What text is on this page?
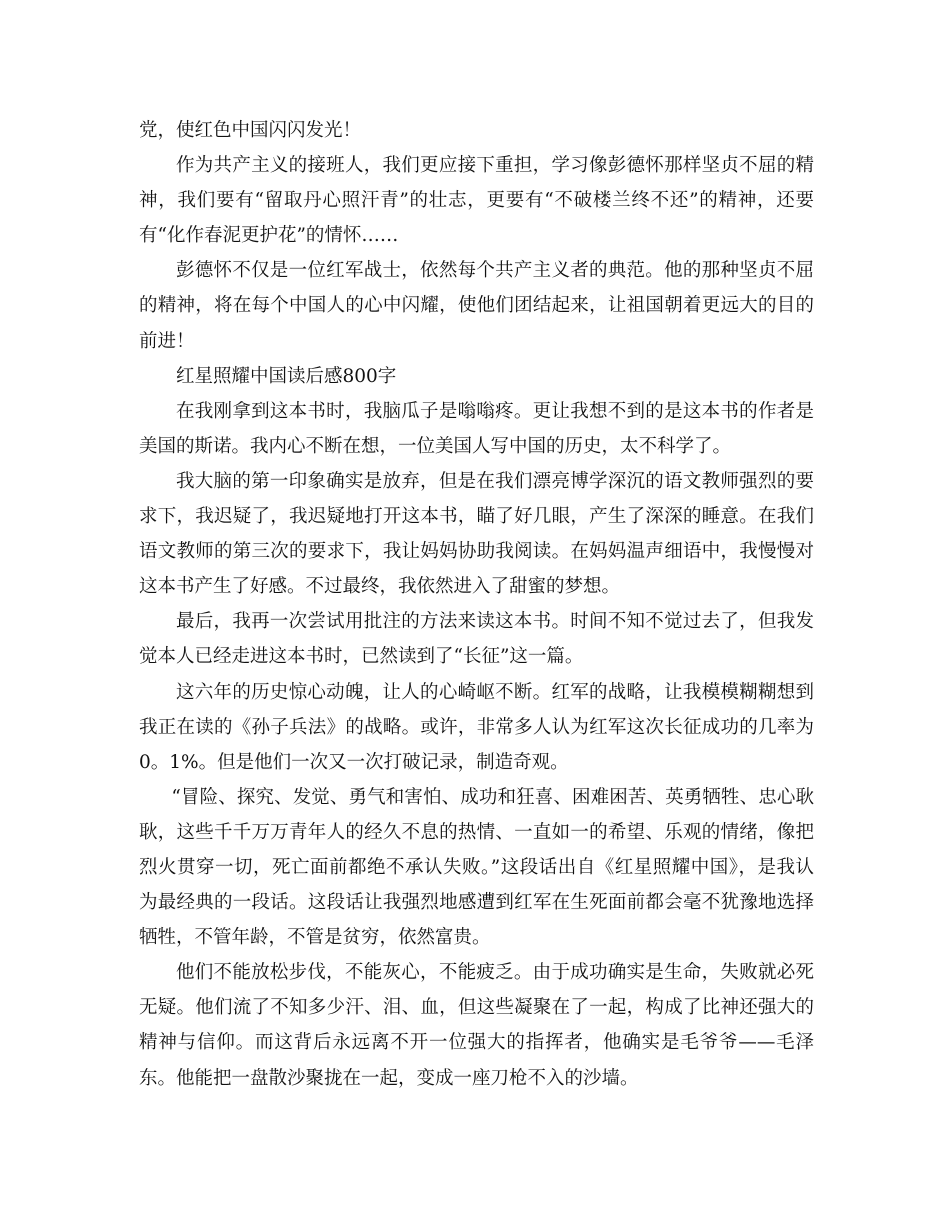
党，使红色中国闪闪发光！

作为共产主义的接班人，我们更应接下重担，学习像彭德怀那样坚贞不屈的精神，我们要有“留取丹心照汗青”的壮志，更要有“不破楼兰终不还”的精神，还要有“化作春泥更护花”的情怀……

彭德怀不仅是一位红军战士，依然每个共产主义者的典范。他的那种坚贞不屈的精神，将在每个中国人的心中闪耀，使他们团结起来，让祖国朝着更远大的目的前进！

红星照耀中国读后感800字

在我刚拿到这本书时，我脑瓜子是嗡嗡疼。更让我想不到的是这本书的作者是美国的斯诺。我内心不断在想，一位美国人写中国的历史，太不科学了。

我大脑的第一印象确实是放弃，但是在我们漂亮博学深沉的语文教师强烈的要求下，我迟疑了，我迟疑地打开这本书，瞄了好几眼，产生了深深的睡意。在我们语文教师的第三次的要求下，我让妈妈协助我阅读。在妈妈温声细语中，我慢慢对这本书产生了好感。不过最终，我依然进入了甜蜜的梦想。

最后，我再一次尝试用批注的方法来读这本书。时间不知不觉过去了，但我发觉本人已经走进这本书时，已然读到了“长征”这一篇。

这六年的历史惊心动魄，让人的心崎岖不断。红军的战略，让我模模糊糊想到我正在读的《孙子兵法》的战略。或许，非常多人认为红军这次长征成功的几率为0。1%。但是他们一次又一次打破记录，制造奇观。

“冒险、探究、发觉、勇气和害怕、成功和狂喜、困难困苦、英勇牺牲、忠心耿耿，这些千千万万青年人的经久不息的热情、一直如一的希望、乐观的情绪，像把烈火贯穿一切，死亡面前都绝不承认失败。”这段话出自《红星照耀中国》，是我认为最经典的一段话。这段话让我强烈地感遭到红军在生死面前都会毫不犹豫地选择牺牲，不管年龄，不管是贫穷，依然富贵。

他们不能放松步伐，不能灰心，不能疲乏。由于成功确实是生命，失败就必死无疑。他们流了不知多少汗、泪、血，但这些凝聚在了一起，构成了比神还强大的精神与信仰。而这背后永远离不开一位强大的指挥者，他确实是毛爷爷——毛泽东。他能把一盘散沙聚拢在一起，变成一座刀枪不入的沙墙。
